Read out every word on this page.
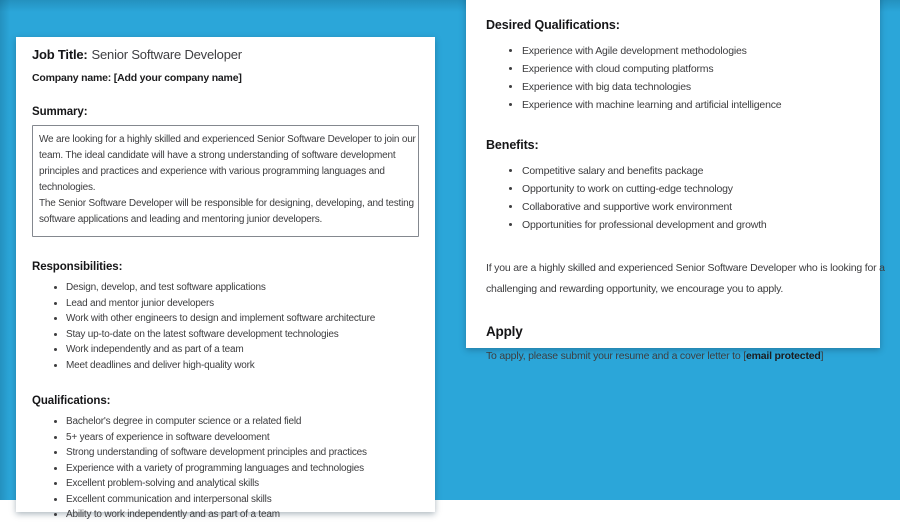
Job Title: Senior Software Developer

Company name: [Add your company name]

Summary:
We are looking for a highly skilled and experienced Senior Software Developer to join our
team. The ideal candidate will have a strong understanding of software development
principles and practices and experience with various programming languages and
technologies.
The Senior Software Developer will be responsible for designing, developing, and testing
software applications and leading and mentoring junior developers.
Responsibilities:
• Design, develop, and test software applications
• Lead and mentor junior developers
• Work with other engineers to design and implement software architecture
• Stay up-to-date on the latest software development technologies
• Work independently and as part of a team
• Meet deadlines and deliver high-quality work
Qualifications:
• Bachelor's degree in computer science or a related field
• 5+ years of experience in software develooment
• Strong understanding of software development principles and practices
• Experience with a variety of programming languages and technologies
• Excellent problem-solving and analytical skills
• Excellent communication and interpersonal skills
• Ability to work independently and as part of a team
Desired Qualifications:
• Experience with Agile development methodologies
• Experience with cloud computing platforms
• Experience with big data technologies
• Experience with machine learning and artificial intelligence
Benefits:
• Competitive salary and benefits package
• Opportunity to work on cutting-edge technology
• Collaborative and supportive work environment
• Opportunities for professional development and growth

If you are a highly skilled and experienced Senior Software Developer who is looking for a

challenging and rewarding opportunity, we encourage you to apply.

Apply

To apply, please submit your resume and a cover letter to [email protected]
